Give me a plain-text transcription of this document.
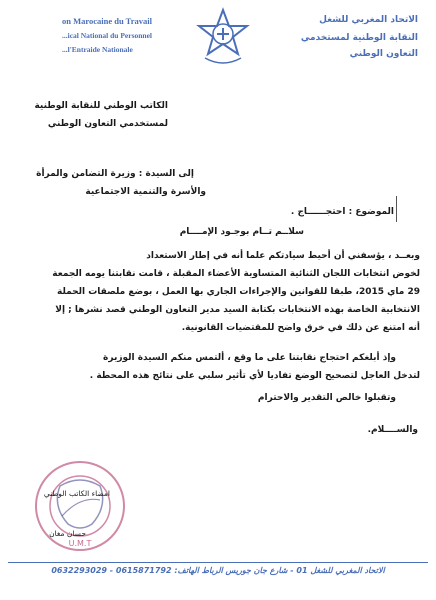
on Marocaine du Travail
...ical National du Personnel
...l'Entraide Nationale
الاتحاد المغربي للشغل
النقابة الوطنية لمستخدمي
التعاون الوطني
الكاتب الوطني للنقابة الوطنية
لمستخدمي التعاون الوطني
إلى السيدة : وزيرة التضامن والمرأة
والأسرة والتنمية الاجتماعية
الموضوع : احتجــــــاج .
سلاــم تــام بوجـود الإمــــام
وبعــد ، يؤسفني أن أحيط سيادتكم علما أنه في إطار الاستعداد
لخوض انتخابات اللجان الثنائية المتساوية الأعضاء المقبلة ، قامت نقابتنا يومه الجمعة
29 ماي 2015، طبقا للقوانين والإجراءات الجاري بها العمل ، بوضع ملصقات الحملة
الانتخابية الخاصة بهذه الانتخابات بكتابة السيد مدير التعاون الوطني قصد نشرها ; إلا
أنه امتنع عن ذلك في خرق واضح للمقتضيات القانونية.
وإذ أبلغكم احتجاج نقابتنا على ما وقع ، ألتمس منكم السيدة الوزيرة
لتدخل العاجل لتصحيح الوضع تفاديا لأي تأثير سلبي على نتائج هذه المحطة .
وتقبلوا خالص التقدير والاحترام
والســــلام.
U.M.T
امضاء الكاتب الوطني
حسان مغان
الاتحاد المغربي للشغل 01 - شارع جان جوريس الرباط الهاتف: 0615871792 - 0632293029
